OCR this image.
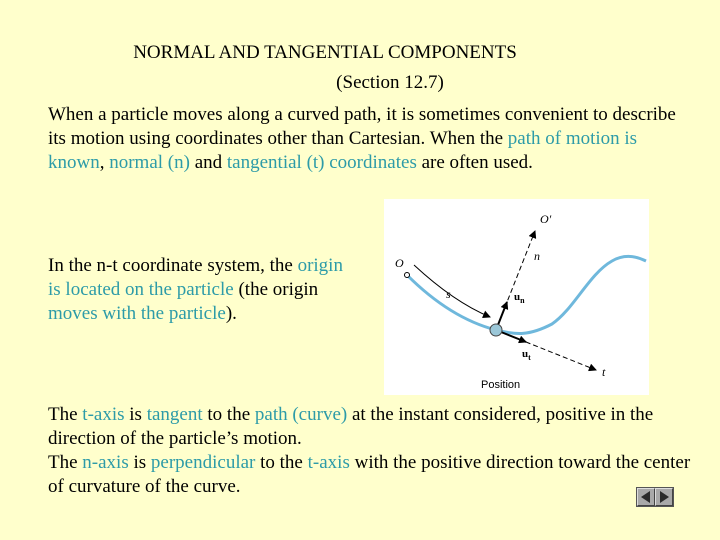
NORMAL AND TANGENTIAL COMPONENTS
(Section 12.7)
When a particle moves along a curved path, it is sometimes convenient to describe its motion using coordinates other than Cartesian. When the path of motion is known, normal (n) and tangential (t) coordinates are often used.
In the n-t coordinate system, the origin is located on the particle (the origin moves with the particle).
O
O′
n
s	$u_n$
$u_t$
t
Position
The t-axis is tangent to the path (curve) at the instant considered, positive in the direction of the particle’s motion.
The n-axis is perpendicular to the t-axis with the positive direction toward the center of curvature of the curve.
